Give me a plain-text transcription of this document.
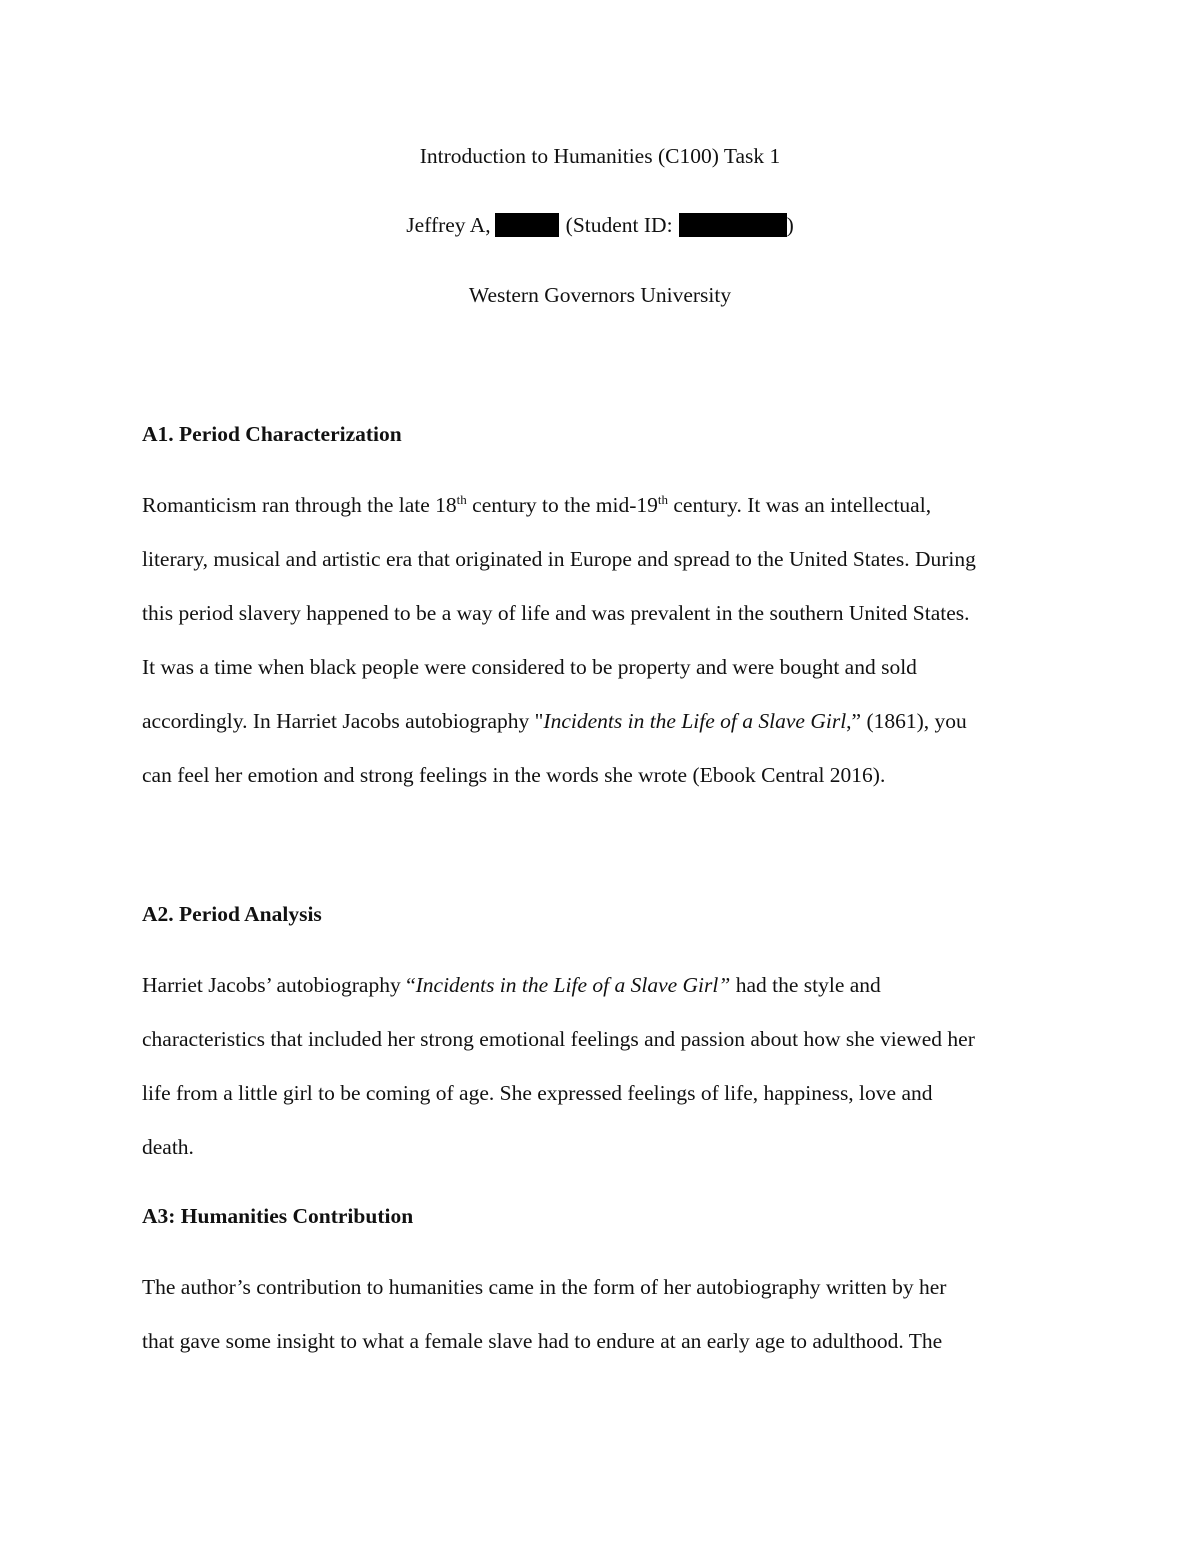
Introduction to Humanities (C100) Task 1
Jeffrey A,	(Student ID:	)
Western Governors University
A1. Period Characterization
Romanticism ran through the late 18th century to the mid-19th century. It was an intellectual,
literary, musical and artistic era that originated in Europe and spread to the United States. During
this period slavery happened to be a way of life and was prevalent in the southern United States.
It was a time when black people were considered to be property and were bought and sold
accordingly. In Harriet Jacobs autobiography "Incidents in the Life of a Slave Girl,” (1861), you
can feel her emotion and strong feelings in the words she wrote (Ebook Central 2016).
A2. Period Analysis
Harriet Jacobs’ autobiography “Incidents in the Life of a Slave Girl” had the style and
characteristics that included her strong emotional feelings and passion about how she viewed her
life from a little girl to be coming of age. She expressed feelings of life, happiness, love and
death.
A3: Humanities Contribution
The author’s contribution to humanities came in the form of her autobiography written by her
that gave some insight to what a female slave had to endure at an early age to adulthood. The
